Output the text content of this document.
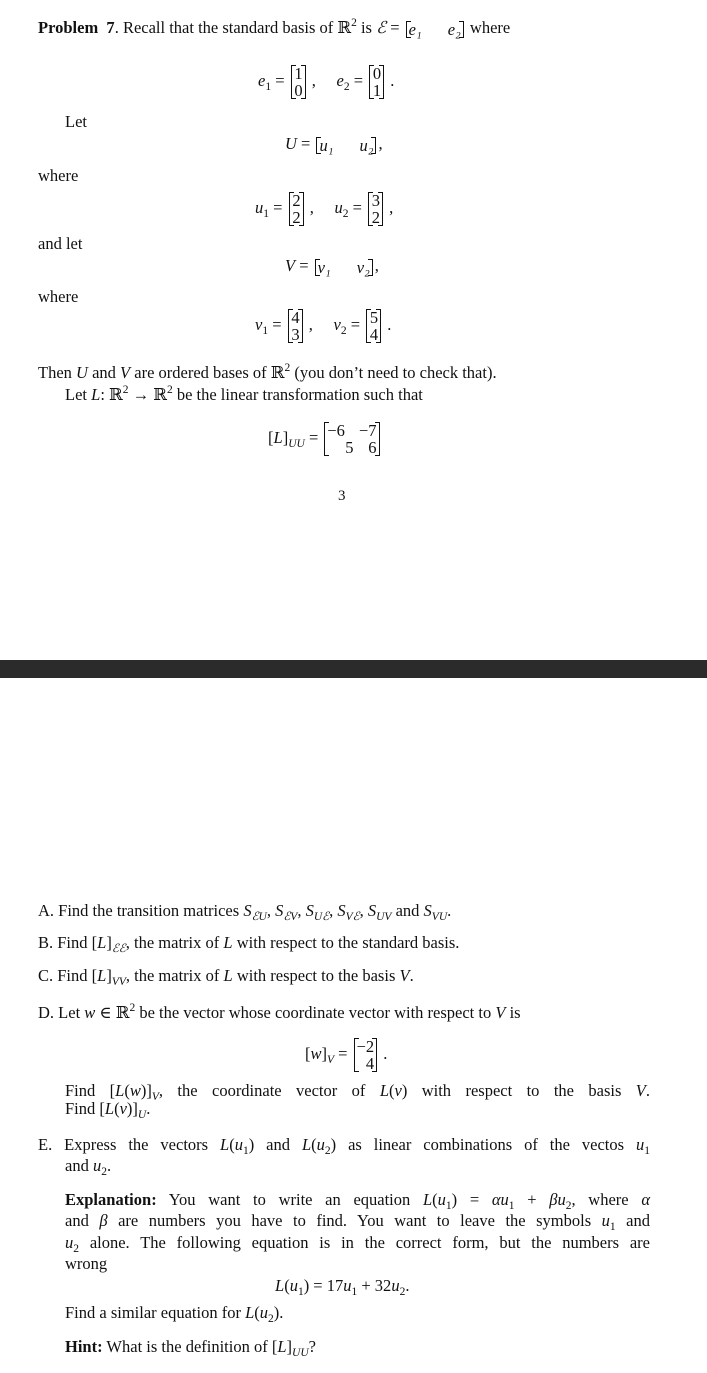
Problem  7. Recall that the standard basis of ℝ$^2$ is ℰ = e₁ e₂ where
$e_1 = 1$
0
,     $e_2 = 0$
1
.
Let
U = u₁ u₂ ,
where
$u_1 = 2$
2
,     $u_2 = 3$
2
,
and let
V = v₁ v₂ ,
where
$v_1 = 4$
3
,     $v_2 = 5$
4
.
Then U and V are ordered bases of ℝ$^2$ (you don’t need to check that).
Let L: ℝ$^2$ → ℝ$^2$ be the linear transformation such that
$[L]_{UU} = -6 -7$
5 6
3
A. Find the transition matrices $S_{ℰU}$, $S_{ℰV}$, $S_{Uℰ}$, $S_{Vℰ}$, $S_{UV}$ and $S_{VU}$.
B. Find $[L]_{ℰℰ}$, the matrix of L with respect to the standard basis.
C. Find $[L]_{VV}$, the matrix of L with respect to the basis V.
D. Let w ∈ ℝ$^2$ be the vector whose coordinate vector with respect to V is
$[w]_V = -2$
4
.
Find $[L(w)]_V$, the coordinate vector of L(v) with respect to the basis V.
Find $[L(v)]_U$.
E. Express the vectors $L(u_1)$ and $L(u_2)$ as linear combinations of the vectos $u_1$
and $u_2$.
Explanation: You want to write an equation $L(u_1) = \alpha u_1 + \beta u_2$, where α
and β are numbers you have to find. You want to leave the symbols $u_1$ and
$u_2$ alone. The following equation is in the correct form, but the numbers are
wrong
$L(u_1) = 17u_1 + 32u_2$.
Find a similar equation for $L(u_2)$.
Hint: What is the definition of $[L]_{UU}$?
